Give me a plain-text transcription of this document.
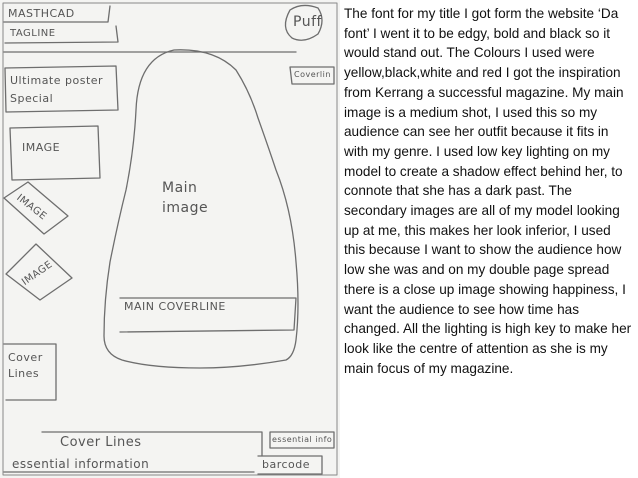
MASTHCAD
TAGLINE
Puff
Coverlin
Ultimate poster Special
IMAGE
IMAGE
IMAGE
Main image
MAIN COVERLINE
Cover Lines
Cover Lines
essential information
essential info
barcode
The font for my title I got form the website ‘Da font’ I went it to be edgy, bold and black so it would stand out. The Colours I used were yellow,black,white and red I got the inspiration from Kerrang a successful magazine. My main image is a medium shot, I used this so my audience can see her outfit because it fits in with my genre. I used low key lighting on my model to create a shadow effect behind her, to connote that she has a dark past. The secondary images are all of my model looking up at me, this makes her look inferior, I used this because I want to show the audience how low she was and on my double page spread there is a close up image showing happiness, I want the audience to see how time has changed. All the lighting is high key to make her look like the centre of attention as she is my main focus of my magazine.
